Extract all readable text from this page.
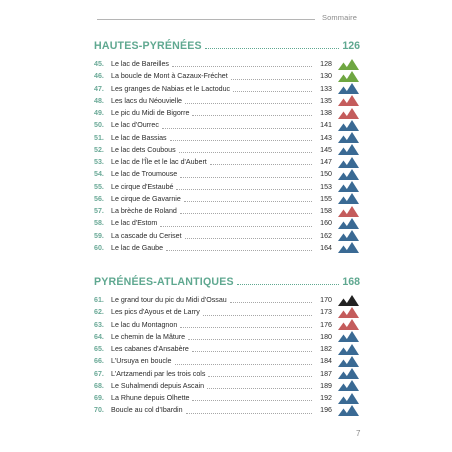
Sommaire
HAUTES-PYRÉNÉES	126
45.	Le lac de Bareilles	128
46.	La boucle de Mont à Cazaux-Fréchet	130
47.	Les granges de Nabias et le Lactoduc	133
48.	Les lacs du Néouvielle	135
49.	Le pic du Midi de Bigorre	138
50.	Le lac d'Ourrec	141
51.	Le lac de Bassias	143
52.	Le lac dets Coubous	145
53.	Le lac de l'Île et le lac d'Aubert	147
54.	Le lac de Troumouse	150
55.	Le cirque d'Estaubé	153
56.	Le cirque de Gavarnie	155
57.	La brèche de Roland	158
58.	Le lac d'Estom	160
59.	La cascade du Ceriset	162
60.	Le lac de Gaube	164
PYRÉNÉES-ATLANTIQUES	168
61.	Le grand tour du pic du Midi d'Ossau	170
62.	Les pics d'Ayous et de Larry	173
63.	Le lac du Montagnon	176
64.	Le chemin de la Mâture	180
65.	Les cabanes d'Ansabère	182
66.	L'Ursuya en boucle	184
67.	L'Artzamendi par les trois cols	187
68.	Le Suhalmendi depuis Ascain	189
69.	La Rhune depuis Olhette	192
70.	Boucle au col d'Ibardin	196
7
